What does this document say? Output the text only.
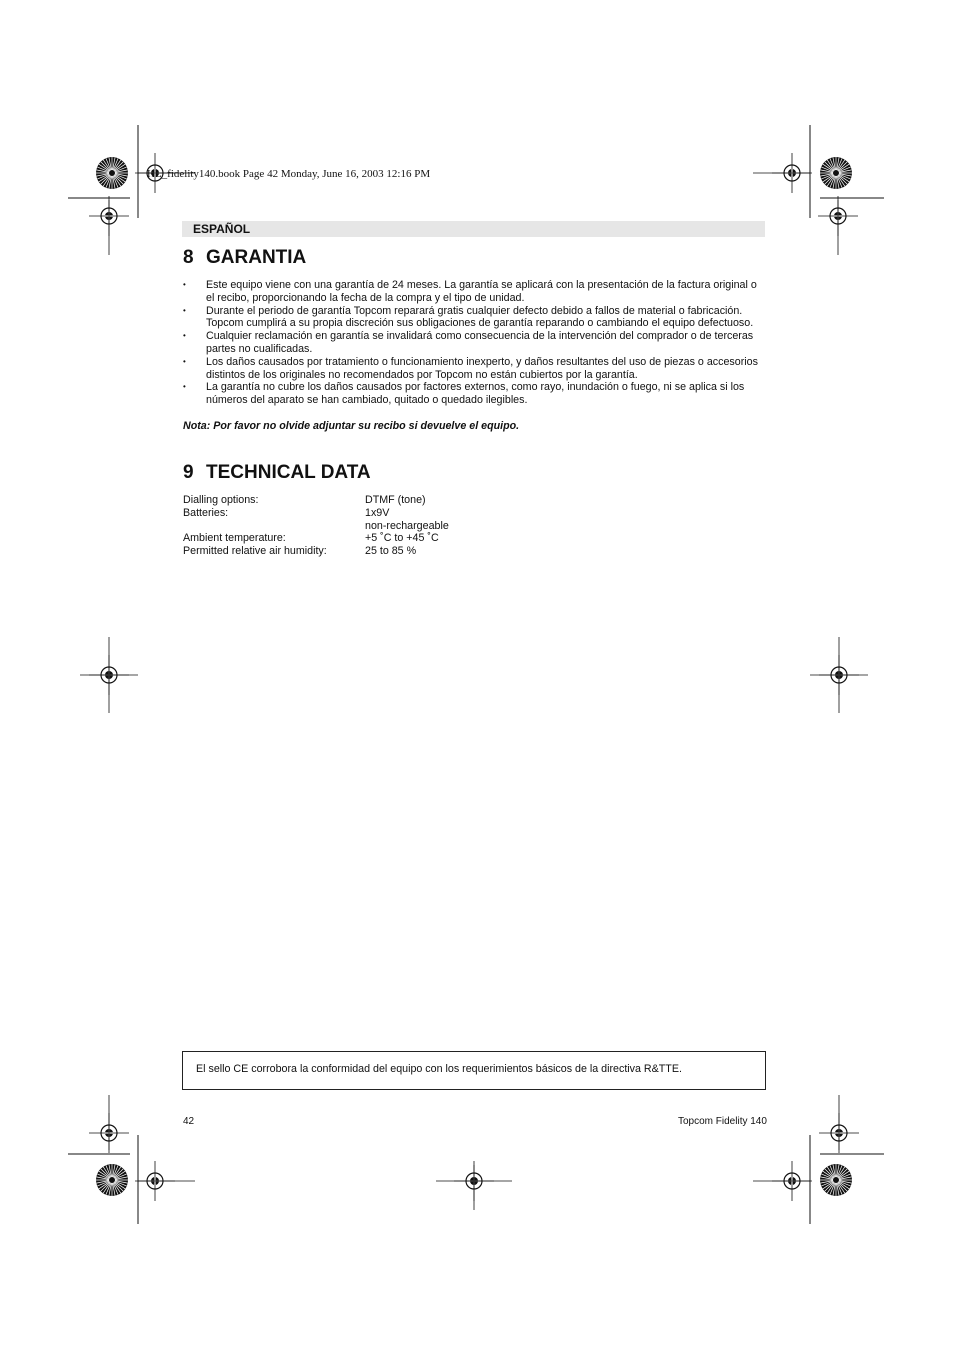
HL_fidelity140.book Page 42 Monday, June 16, 2003 12:16 PM
ESPAÑOL
8 GARANTIA
• Este equipo viene con una garantía de 24 meses. La garantía se aplicará con la presentación de la factura original o el recibo, proporcionando la fecha de la compra y el tipo de unidad.
• Durante el periodo de garantía Topcom reparará gratis cualquier defecto debido a fallos de material o fabricación. Topcom cumplirá a su propia discreción sus obligaciones de garantía reparando o cambiando el equipo defectuoso.
• Cualquier reclamación en garantía se invalidará como consecuencia de la intervención del comprador o de terceras partes no cualificadas.
• Los daños causados por tratamiento o funcionamiento inexperto, y daños resultantes del uso de piezas o accesorios distintos de los originales no recomendados por Topcom no están cubiertos por la garantía.
• La garantía no cubre los daños causados por factores externos, como rayo, inundación o fuego, ni se aplica si los números del aparato se han cambiado, quitado o quedado ilegibles.
Nota: Por favor no olvide adjuntar su recibo si devuelve el equipo.
9 TECHNICAL DATA
Dialling options:	DTMF (tone)
Batteries:	1x9V
non-rechargeable
Ambient temperature:	+5 ˚C to +45 ˚C
Permitted relative air humidity:	25 to 85 %
El sello CE corrobora la conformidad del equipo con los requerimientos básicos de la directiva R&TTE.
42	Topcom Fidelity 140
